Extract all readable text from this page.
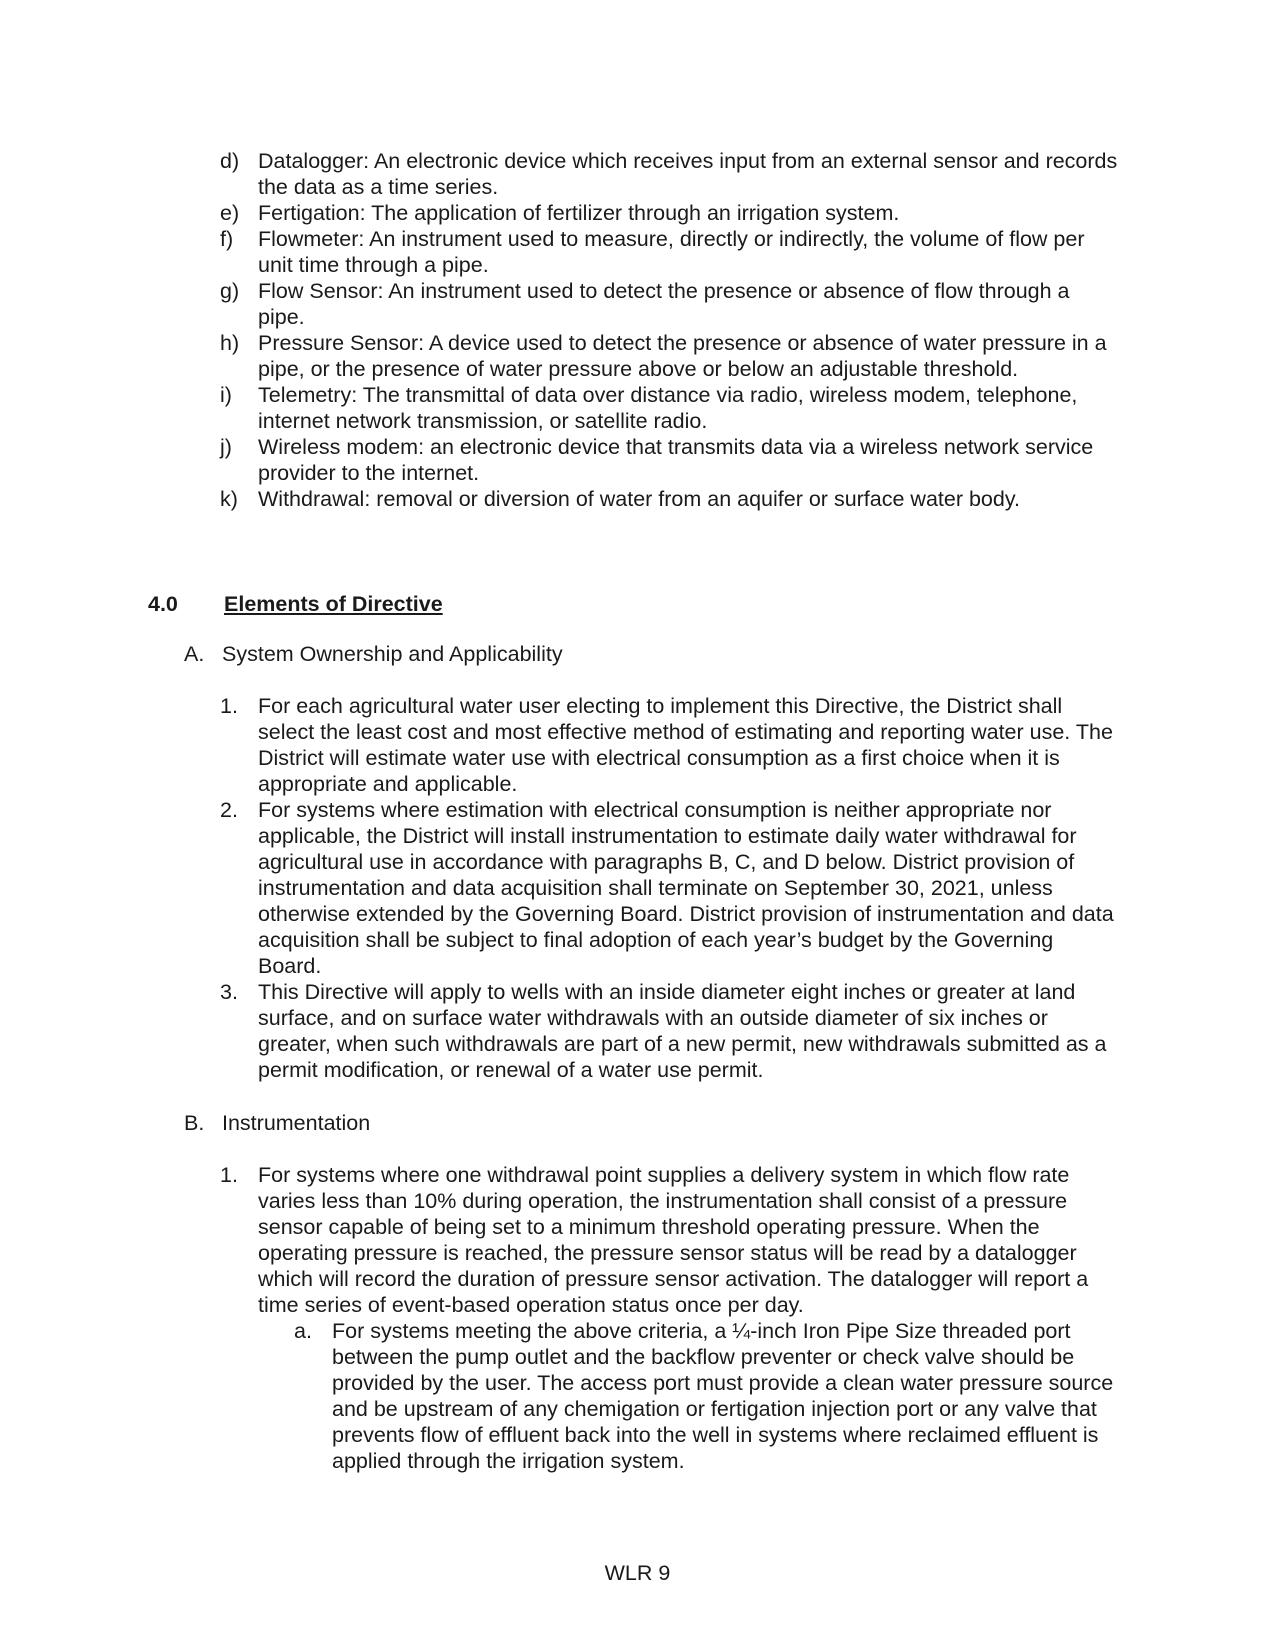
d) Datalogger: An electronic device which receives input from an external sensor and records the data as a time series.
e) Fertigation: The application of fertilizer through an irrigation system.
f)	Flowmeter: An instrument used to measure, directly or indirectly, the volume of flow per unit time through a pipe.
g) Flow Sensor: An instrument used to detect the presence or absence of flow through a pipe.
h) Pressure Sensor: A device used to detect the presence or absence of water pressure in a pipe, or the presence of water pressure above or below an adjustable threshold.
i)	Telemetry: The transmittal of data over distance via radio, wireless modem, telephone, internet network transmission, or satellite radio.
j)	Wireless modem: an electronic device that transmits data via a wireless network service provider to the internet.
k) Withdrawal: removal or diversion of water from an aquifer or surface water body.
4.0 Elements of Directive
A. System Ownership and Applicability
1. For each agricultural water user electing to implement this Directive, the District shall select the least cost and most effective method of estimating and reporting water use. The District will estimate water use with electrical consumption as a first choice when it is appropriate and applicable.
2. For systems where estimation with electrical consumption is neither appropriate nor applicable, the District will install instrumentation to estimate daily water withdrawal for agricultural use in accordance with paragraphs B, C, and D below. District provision of instrumentation and data acquisition shall terminate on September 30, 2021, unless otherwise extended by the Governing Board. District provision of instrumentation and data acquisition shall be subject to final adoption of each year’s budget by the Governing Board.
3. This Directive will apply to wells with an inside diameter eight inches or greater at land surface, and on surface water withdrawals with an outside diameter of six inches or greater, when such withdrawals are part of a new permit, new withdrawals submitted as a permit modification, or renewal of a water use permit.
B. Instrumentation
1. For systems where one withdrawal point supplies a delivery system in which flow rate varies less than 10% during operation, the instrumentation shall consist of a pressure sensor capable of being set to a minimum threshold operating pressure. When the operating pressure is reached, the pressure sensor status will be read by a datalogger which will record the duration of pressure sensor activation. The datalogger will report a time series of event-based operation status once per day.
a. For systems meeting the above criteria, a ¼-inch Iron Pipe Size threaded port between the pump outlet and the backflow preventer or check valve should be provided by the user. The access port must provide a clean water pressure source and be upstream of any chemigation or fertigation injection port or any valve that prevents flow of effluent back into the well in systems where reclaimed effluent is applied through the irrigation system.
WLR 9
